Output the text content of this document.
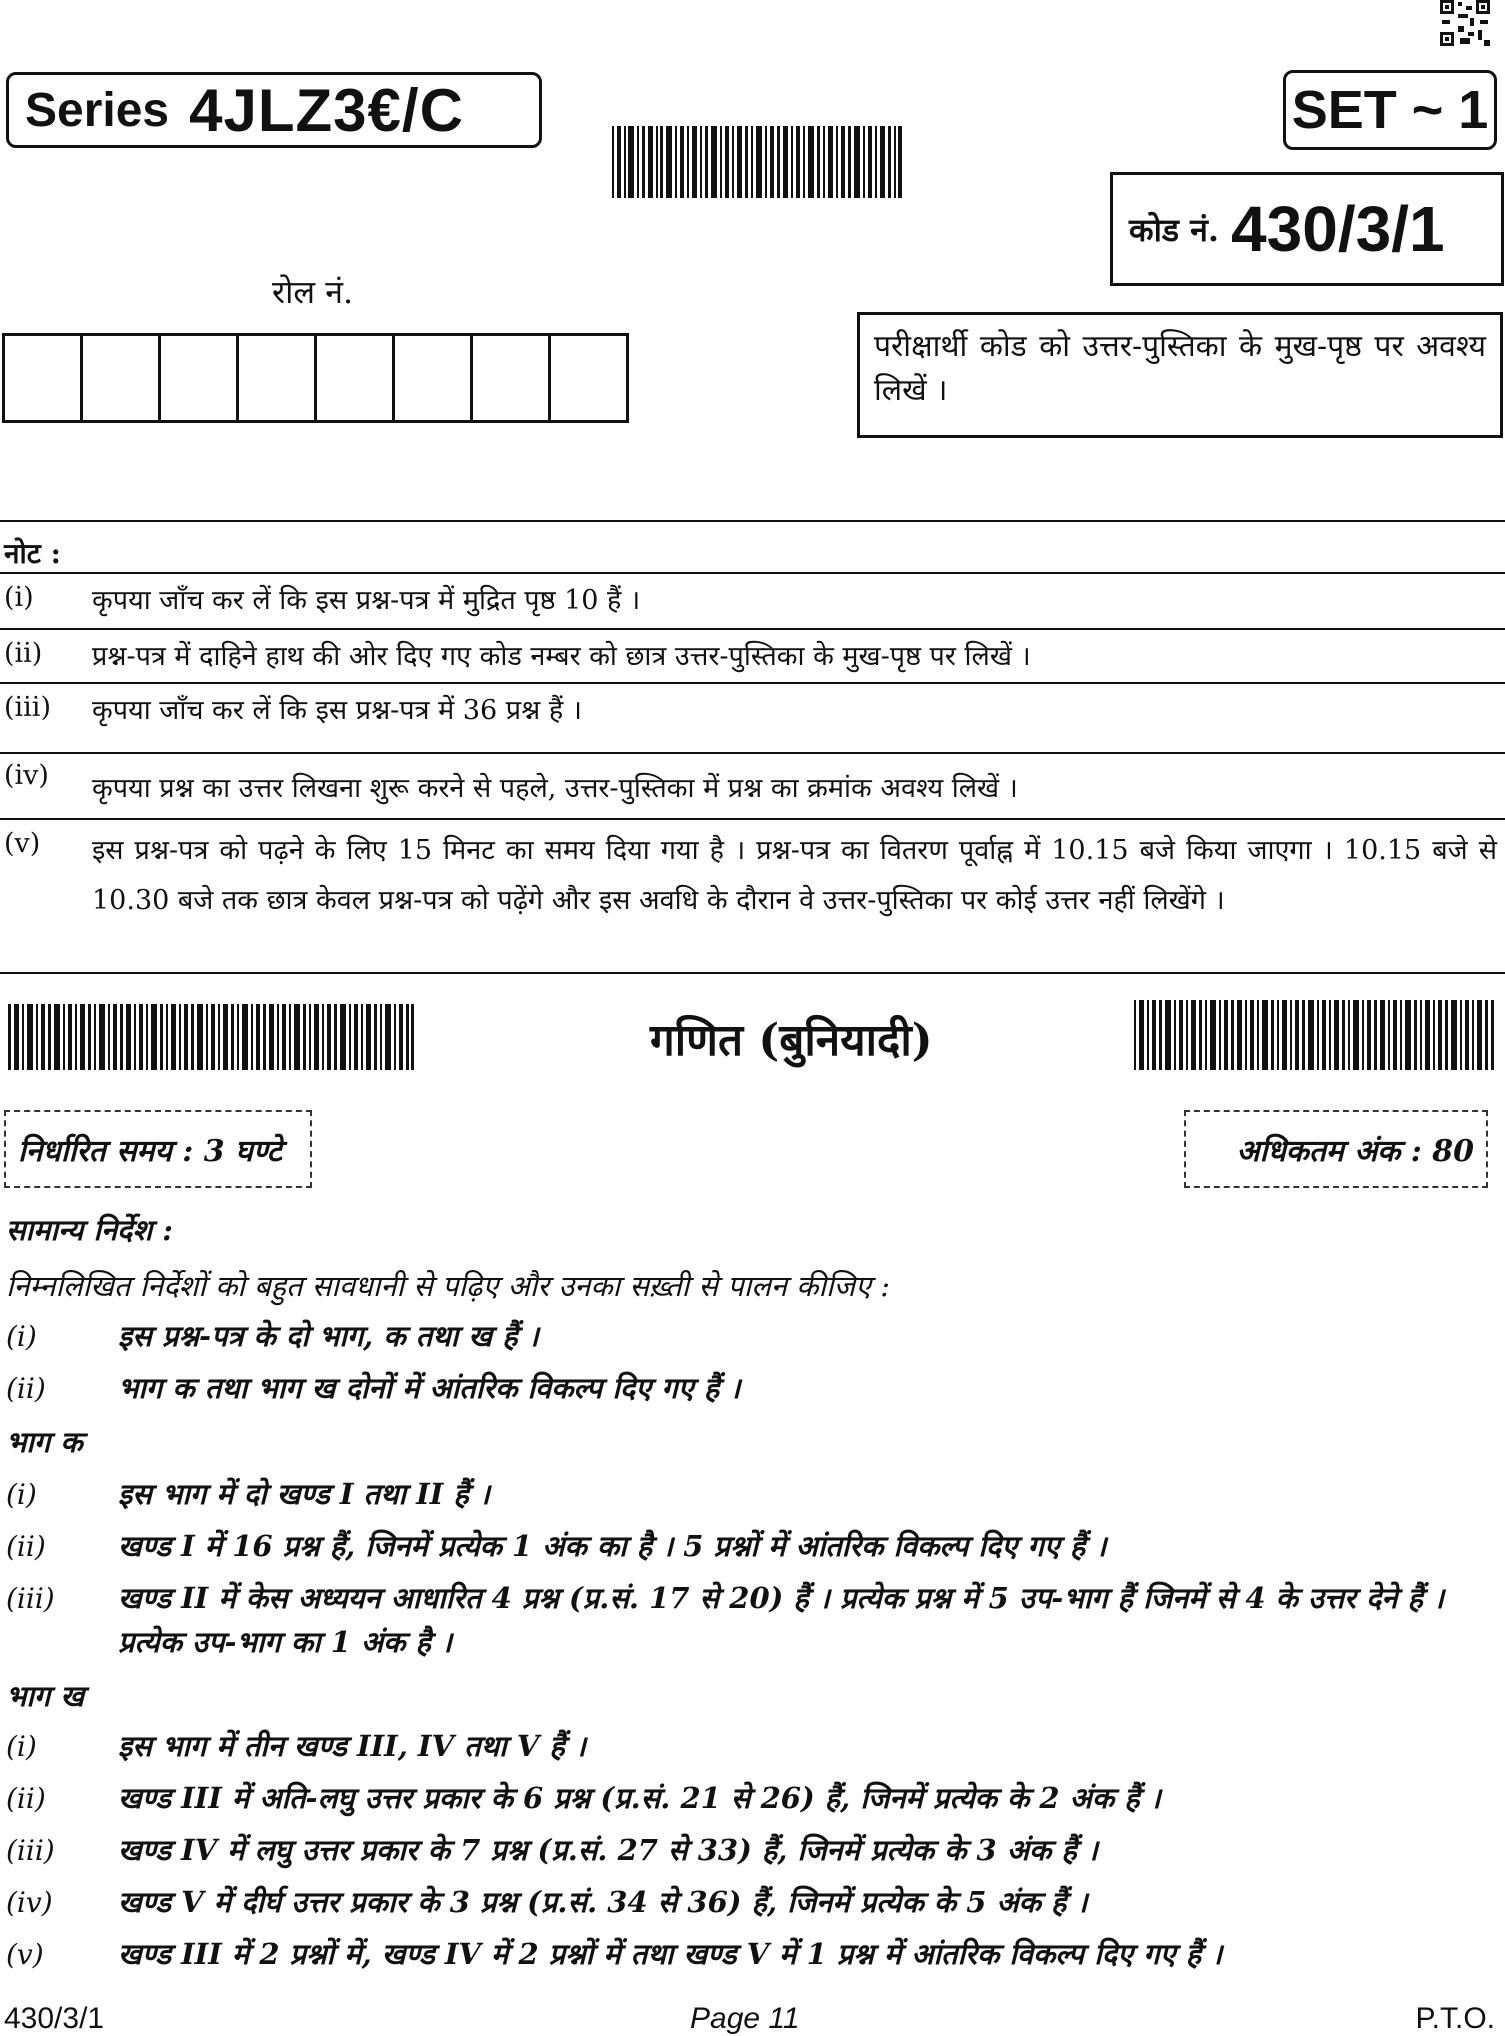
Series 4JLZ3€/C	SET ~ 1
कोड नं. 430/3/1
रोल नं.
परीक्षार्थी कोड को उत्तर-पुस्तिका के मुख-पृष्ठ पर अवश्य लिखें ।
नोट :
(i) कृपया जाँच कर लें कि इस प्रश्न-पत्र में मुद्रित पृष्ठ 10 हैं ।
(ii) प्रश्न-पत्र में दाहिने हाथ की ओर दिए गए कोड नम्बर को छात्र उत्तर-पुस्तिका के मुख-पृष्ठ पर लिखें ।
(iii) कृपया जाँच कर लें कि इस प्रश्न-पत्र में 36 प्रश्न हैं ।
(iv) कृपया प्रश्न का उत्तर लिखना शुरू करने से पहले, उत्तर-पुस्तिका में प्रश्न का क्रमांक अवश्य लिखें ।
(v) इस प्रश्न-पत्र को पढ़ने के लिए 15 मिनट का समय दिया गया है । प्रश्न-पत्र का वितरण पूर्वाह्न में 10.15 बजे किया जाएगा । 10.15 बजे से 10.30 बजे तक छात्र केवल प्रश्न-पत्र को पढ़ेंगे और इस अवधि के दौरान वे उत्तर-पुस्तिका पर कोई उत्तर नहीं लिखेंगे ।
गणित (बुनियादी)
निर्धारित समय : 3 घण्टे	अधिकतम अंक : 80
सामान्य निर्देश :
निम्नलिखित निर्देशों को बहुत सावधानी से पढ़िए और उनका सख़्ती से पालन कीजिए :
(i)	इस प्रश्न-पत्र के दो भाग, क तथा ख हैं ।
(ii) भाग क तथा भाग ख दोनों में आंतरिक विकल्प दिए गए हैं ।
भाग क
(i)	इस भाग में दो खण्ड I तथा II हैं ।
(ii) खण्ड I में 16 प्रश्न हैं, जिनमें प्रत्येक 1 अंक का है । 5 प्रश्नों में आंतरिक विकल्प दिए गए हैं ।
(iii) खण्ड II में केस अध्ययन आधारित 4 प्रश्न (प्र.सं. 17 से 20) हैं । प्रत्येक प्रश्न में 5 उप-भाग हैं जिनमें से 4 के उत्तर देने हैं । प्रत्येक उप-भाग का 1 अंक है ।
भाग ख
(i)	इस भाग में तीन खण्ड III, IV तथा V हैं ।
(ii) खण्ड III में अति-लघु उत्तर प्रकार के 6 प्रश्न (प्र.सं. 21 से 26) हैं, जिनमें प्रत्येक के 2 अंक हैं ।
(iii) खण्ड IV में लघु उत्तर प्रकार के 7 प्रश्न (प्र.सं. 27 से 33) हैं, जिनमें प्रत्येक के 3 अंक हैं ।
(iv) खण्ड V में दीर्घ उत्तर प्रकार के 3 प्रश्न (प्र.सं. 34 से 36) हैं, जिनमें प्रत्येक के 5 अंक हैं ।
(v)	खण्ड III में 2 प्रश्नों में, खण्ड IV में 2 प्रश्नों में तथा खण्ड V में 1 प्रश्न में आंतरिक विकल्प दिए गए हैं ।
430/3/1	Page 11	P.T.O.
